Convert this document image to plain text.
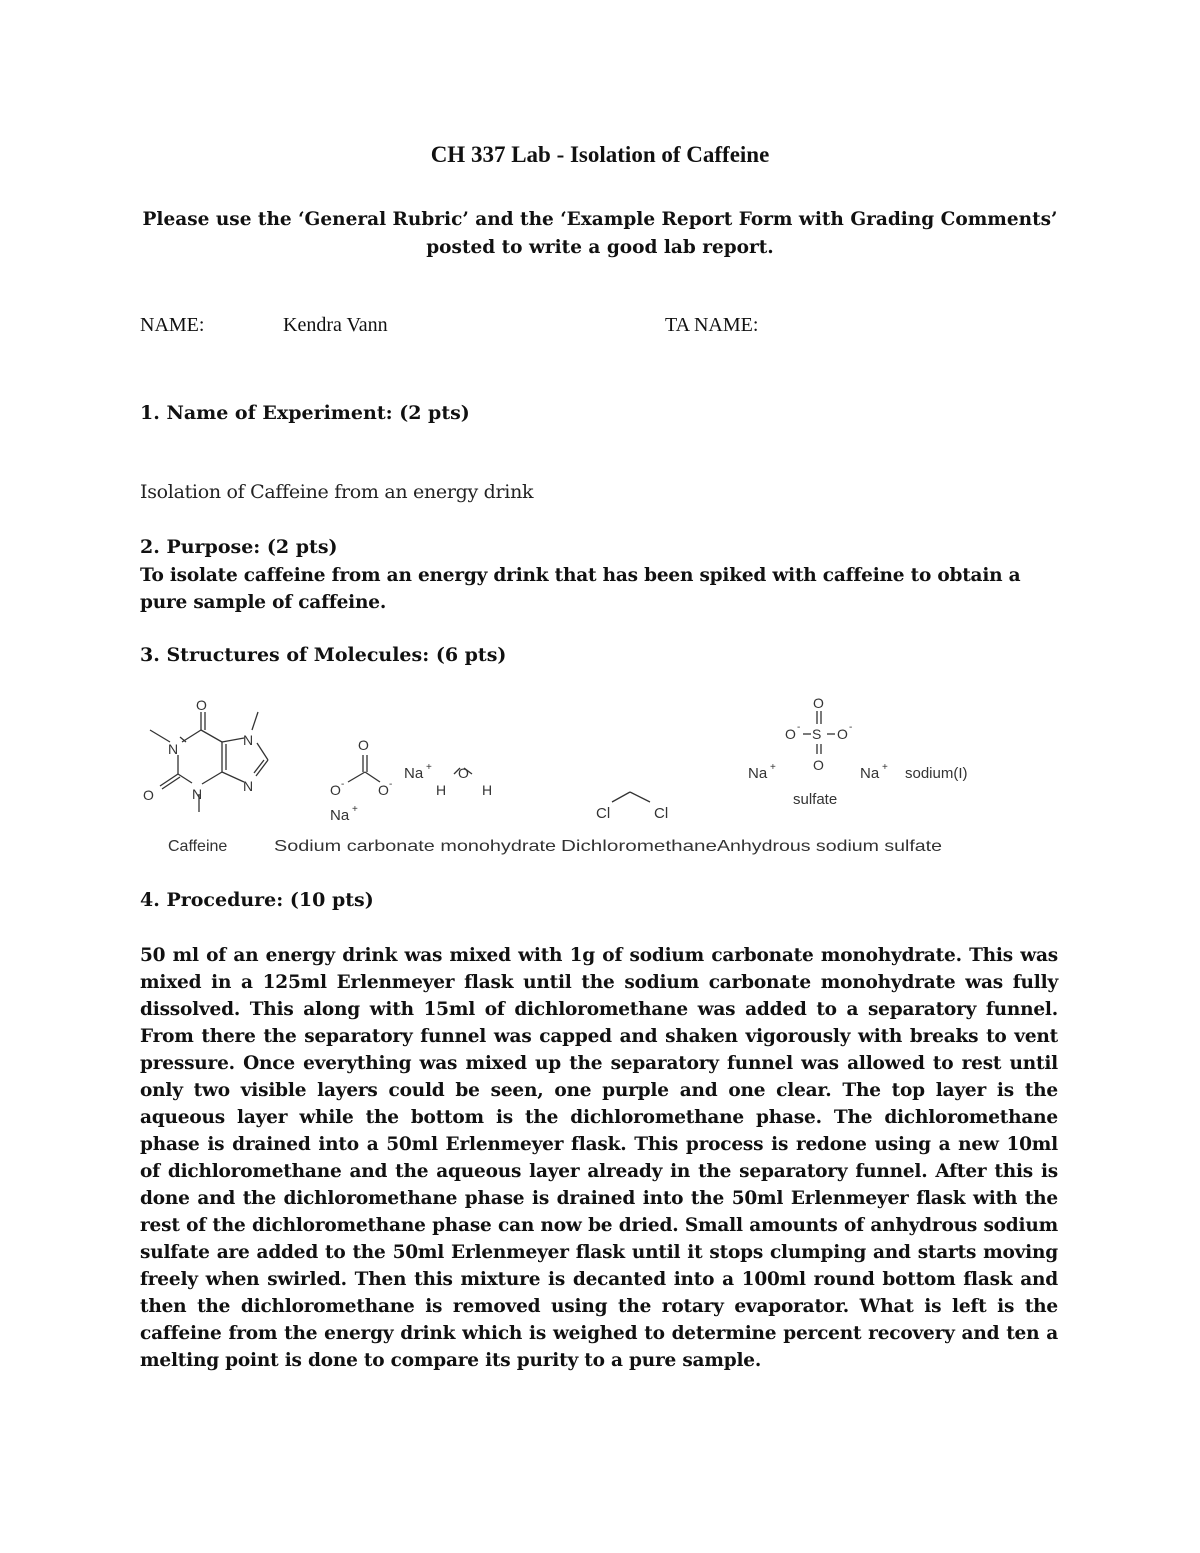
CH 337 Lab - Isolation of Caffeine
Please use the ‘General Rubric’ and the ‘Example Report Form with Grading Comments’
posted to write a good lab report.
NAME:	Kendra Vann	TA NAME:
1. Name of Experiment: (2 pts)
Isolation of Caffeine from an energy drink
2. Purpose: (2 pts)
To isolate caffeine from an energy drink that has been spiked with caffeine to obtain a pure sample of caffeine.
3. Structures of Molecules: (6 pts)
O
N
N
N
N
O
O
O - O -
Na + O
H	H
Na +	Cl	Cl
O
O - S O -
O
Na +	Na + sodium(I)
sulfate
Caffeine	Sodium carbonate monohydrate Dichloromethane Anhydrous sodium sulfate
4. Procedure: (10 pts)
50 ml of an energy drink was mixed with 1g of sodium carbonate monohydrate. This was mixed in a 125ml Erlenmeyer flask until the sodium carbonate monohydrate was fully dissolved. This along with 15ml of dichloromethane was added to a separatory funnel. From there the separatory funnel was capped and shaken vigorously with breaks to vent pressure. Once everything was mixed up the separatory funnel was allowed to rest until only two visible layers could be seen, one purple and one clear. The top layer is the aqueous layer while the bottom is the dichloromethane phase. The dichloromethane phase is drained into a 50ml Erlenmeyer flask. This process is redone using a new 10ml of dichloromethane and the aqueous layer already in the separatory funnel. After this is done and the dichloromethane phase is drained into the 50ml Erlenmeyer flask with the rest of the dichloromethane phase can now be dried. Small amounts of anhydrous sodium sulfate are added to the 50ml Erlenmeyer flask until it stops clumping and starts moving freely when swirled. Then this mixture is decanted into a 100ml round bottom flask and then the dichloromethane is removed using the rotary evaporator. What is left is the caffeine from the energy drink which is weighed to determine percent recovery and ten a melting point is done to compare its purity to a pure sample.
